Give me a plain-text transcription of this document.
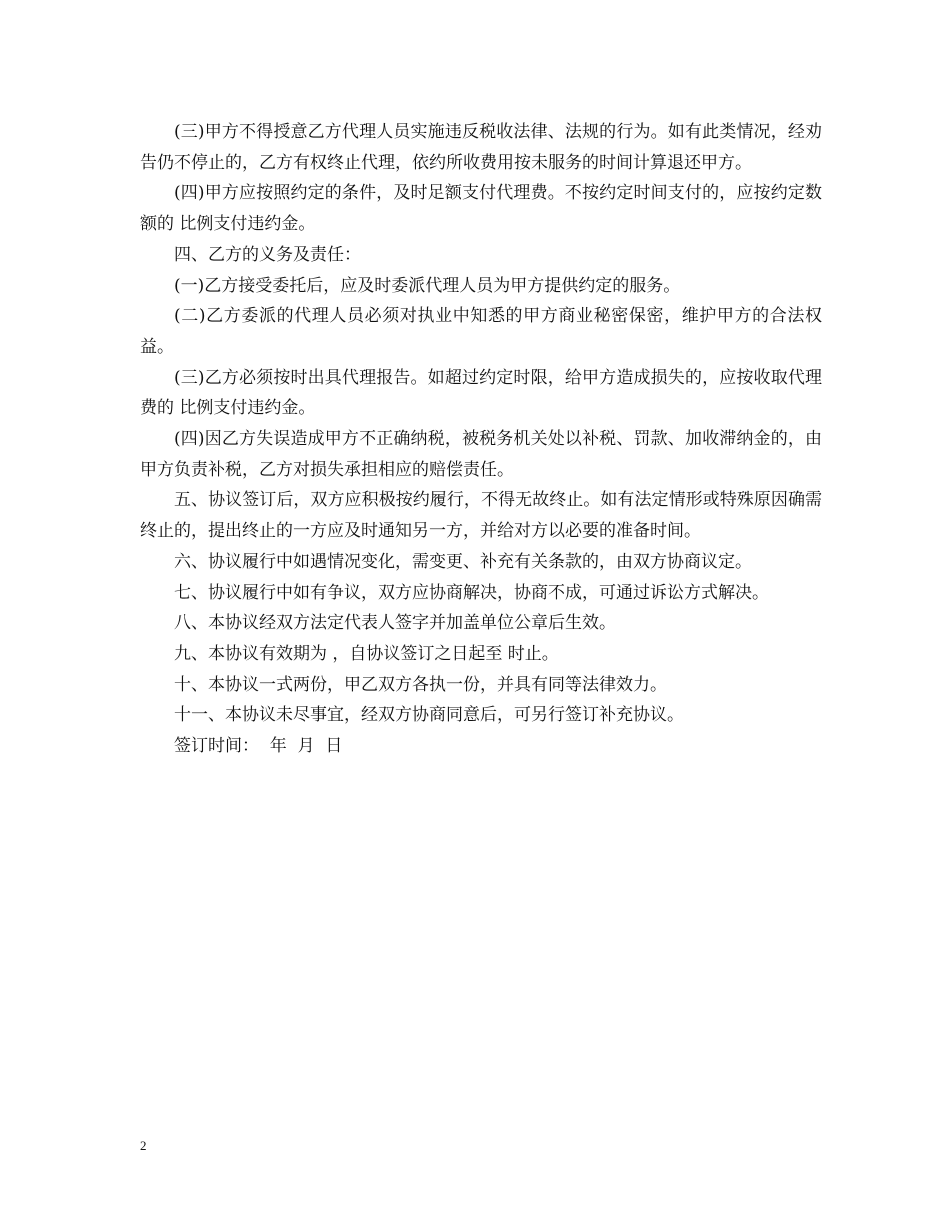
(三)甲方不得授意乙方代理人员实施违反税收法律、法规的行为。如有此类情况，经劝告仍不停止的，乙方有权终止代理，依约所收费用按未服务的时间计算退还甲方。

(四)甲方应按照约定的条件，及时足额支付代理费。不按约定时间支付的，应按约定数额的 比例支付违约金。

四、乙方的义务及责任：

(一)乙方接受委托后，应及时委派代理人员为甲方提供约定的服务。

(二)乙方委派的代理人员必须对执业中知悉的甲方商业秘密保密，维护甲方的合法权益。

(三)乙方必须按时出具代理报告。如超过约定时限，给甲方造成损失的，应按收取代理费的 比例支付违约金。

(四)因乙方失误造成甲方不正确纳税，被税务机关处以补税、罚款、加收滞纳金的，由甲方负责补税，乙方对损失承担相应的赔偿责任。

五、协议签订后，双方应积极按约履行，不得无故终止。如有法定情形或特殊原因确需终止的，提出终止的一方应及时通知另一方，并给对方以必要的准备时间。

六、协议履行中如遇情况变化，需变更、补充有关条款的，由双方协商议定。

七、协议履行中如有争议，双方应协商解决，协商不成，可通过诉讼方式解决。

八、本协议经双方法定代表人签字并加盖单位公章后生效。

九、本协议有效期为 ，自协议签订之日起至 时止。

十、本协议一式两份，甲乙双方各执一份，并具有同等法律效力。

十一、本协议未尽事宜，经双方协商同意后，可另行签订补充协议。

签订时间：  年  月  日

2
